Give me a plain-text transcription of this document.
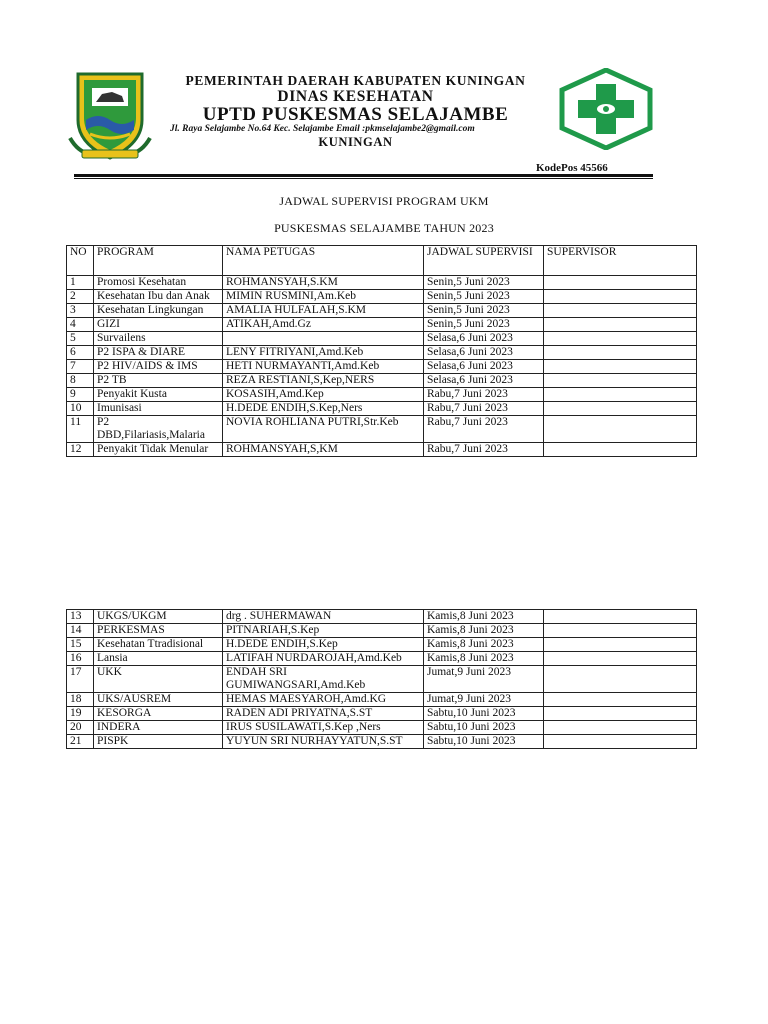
PEMERINTAH DAERAH KABUPATEN KUNINGAN
DINAS KESEHATAN
UPTD PUSKESMAS SELAJAMBE
Jl. Raya Selajambe No.64 Kec. Selajambe Email :pkmselajambe2@gmail.com
KUNINGAN
KodePos 45566
JADWAL SUPERVISI PROGRAM UKM
PUSKESMAS SELAJAMBE TAHUN 2023
NO	PROGRAM	NAMA PETUGAS	JADWAL SUPERVISI	SUPERVISOR
1	Promosi Kesehatan	ROHMANSYAH,S.KM	Senin,5 Juni 2023	
2	Kesehatan Ibu dan Anak	MIMIN RUSMINI,Am.Keb	Senin,5 Juni 2023	
3	Kesehatan Lingkungan	AMALIA HULFALAH,S.KM	Senin,5 Juni 2023	
4	GIZI	ATIKAH,Amd.Gz	Senin,5 Juni 2023	
5	Survailens		Selasa,6 Juni 2023	
6	P2 ISPA & DIARE	LENY FITRIYANI,Amd.Keb	Selasa,6 Juni 2023	
7	P2 HIV/AIDS & IMS	HETI NURMAYANTI,Amd.Keb	Selasa,6 Juni 2023	
8	P2 TB	REZA RESTIANI,S,Kep,NERS	Selasa,6 Juni 2023	
9	Penyakit Kusta	KOSASIH,Amd.Kep	Rabu,7 Juni 2023	
10	Imunisasi	H.DEDE ENDIH,S.Kep,Ners	Rabu,7 Juni 2023	
11	P2 DBD,Filariasis,Malaria	NOVIA ROHLIANA PUTRI,Str.Keb	Rabu,7 Juni 2023	
12	Penyakit Tidak Menular	ROHMANSYAH,S,KM	Rabu,7 Juni 2023	
13	UKGS/UKGM	drg . SUHERMAWAN	Kamis,8 Juni 2023	
14	PERKESMAS	PITNARIAH,S.Kep	Kamis,8 Juni 2023	
15	Kesehatan Ttradisional	H.DEDE ENDIH,S.Kep	Kamis,8 Juni 2023	
16	Lansia	LATIFAH NURDAROJAH,Amd.Keb	Kamis,8 Juni 2023	
17	UKK	ENDAH SRI GUMIWANGSARI,Amd.Keb	Jumat,9 Juni 2023	
18	UKS/AUSREM	HEMAS MAESYAROH,Amd.KG	Jumat,9 Juni 2023	
19	KESORGA	RADEN ADI PRIYATNA,S.ST	Sabtu,10 Juni 2023	
20	INDERA	IRUS SUSILAWATI,S.Kep ,Ners	Sabtu,10 Juni 2023	
21	PISPK	YUYUN SRI NURHAYYATUN,S.ST	Sabtu,10 Juni 2023	
